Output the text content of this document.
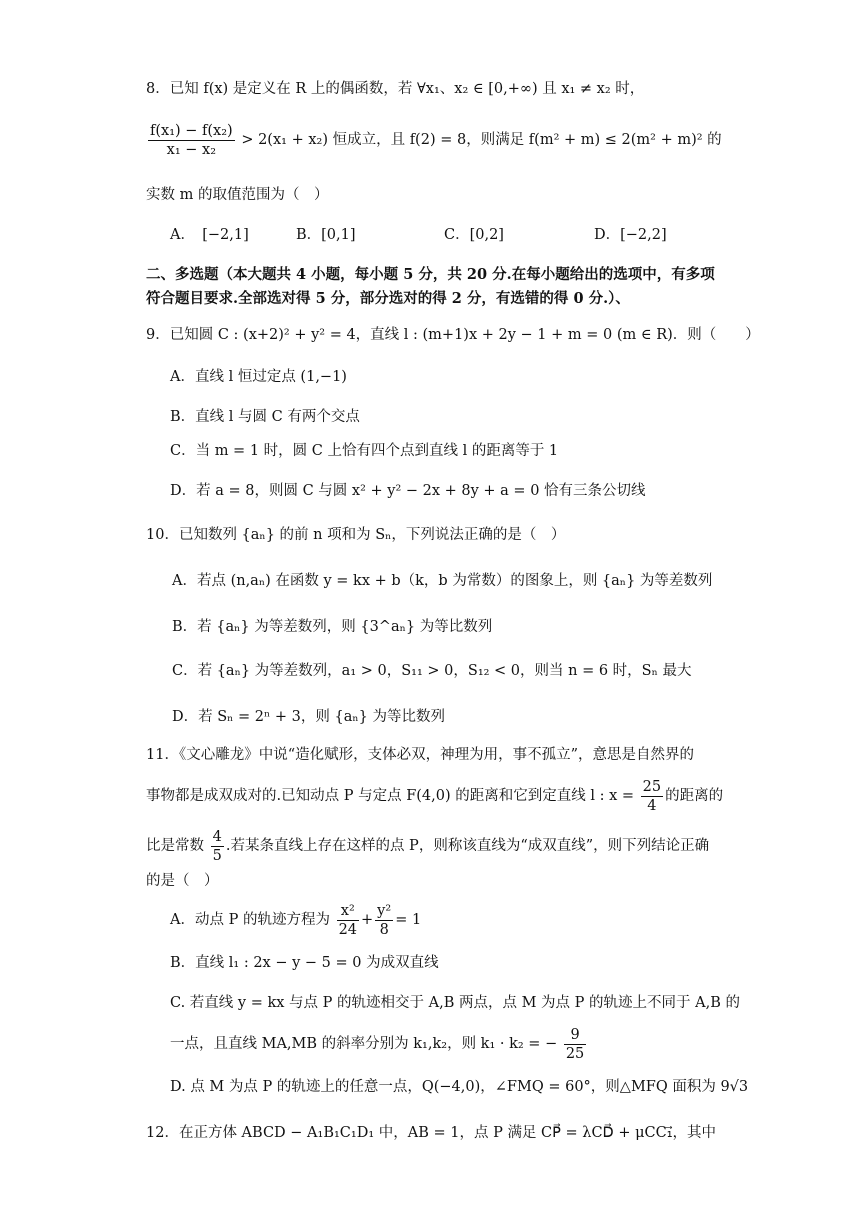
8．已知 f(x) 是定义在 R 上的偶函数，若 ∀x₁、x₂ ∈ [0,+∞) 且 x₁ ≠ x₂ 时，
$\frac{\text{f(x₁) − f(x₂)}}{\text{x₁ − x₂}} > 2(x_1 + x_2)$ 恒成立，且 f(2) = 8，则满足 f(m² + m) ≤ 2(m² + m)² 的
实数 m 的取值范围为（　）
A．　[−2,1]	B．[0,1]	C．[0,2]	D．[−2,2]
二、多选题（本大题共 4 小题，每小题 5 分，共 20 分.在每小题给出的选项中，有多项
符合题目要求.全部选对得 5 分，部分选对的得 2 分，有选错的得 0 分.）、
9．已知圆 C : (x+2)² + y² = 4，直线 l : (m+1)x + 2y − 1 + m = 0 (m ∈ R)．则（　　）
A．直线 l 恒过定点 (1,−1)
B．直线 l 与圆 C 有两个交点
C．当 m = 1 时，圆 C 上恰有四个点到直线 l 的距离等于 1
D．若 a = 8，则圆 C 与圆 x² + y² − 2x + 8y + a = 0 恰有三条公切线
10．已知数列 {aₙ} 的前 n 项和为 Sₙ，下列说法正确的是（　）
A．若点 (n,aₙ) 在函数 y = kx + b（k，b 为常数）的图象上，则 {aₙ} 为等差数列
B．若 {aₙ} 为等差数列，则 {3^aₙ} 为等比数列
C．若 {aₙ} 为等差数列，a₁ > 0，S₁₁ > 0，S₁₂ < 0，则当 n = 6 时，Sₙ 最大
D．若 Sₙ = 2ⁿ + 3，则 {aₙ} 为等比数列
11．《文心雕龙》中说“造化赋形，支体必双，神理为用，事不孤立”，意思是自然界的
事物都是成双成对的.已知动点 P 与定点 F(4,0) 的距离和它到定直线 l : $x = \frac{25}{4}$ 的距离的
比是常数 $\frac{4}{5}$ .若某条直线上存在这样的点 P，则称该直线为“成双直线”，则下列结论正确
的是（　）
A．动点 P 的轨迹方程为 $\frac{\text{x²}}{24} + \frac{\text{y²}}{8} = 1$
B．直线 l₁ : 2x − y − 5 = 0 为成双直线
C. 若直线 y = kx 与点 P 的轨迹相交于 A,B 两点，点 M 为点 P 的轨迹上不同于 A,B 的
一点，且直线 MA,MB 的斜率分别为 k₁,k₂，则 k₁ · k₂ = − $\frac{9}{25}$
D. 点 M 为点 P 的轨迹上的任意一点，Q(−4,0)，∠FMQ = 60°，则△MFQ 面积为 9√3
12．在正方体 ABCD − A₁B₁C₁D₁ 中，AB = 1，点 P 满足 CP⃗ = λCD⃗ + μCC₁⃗，其中
